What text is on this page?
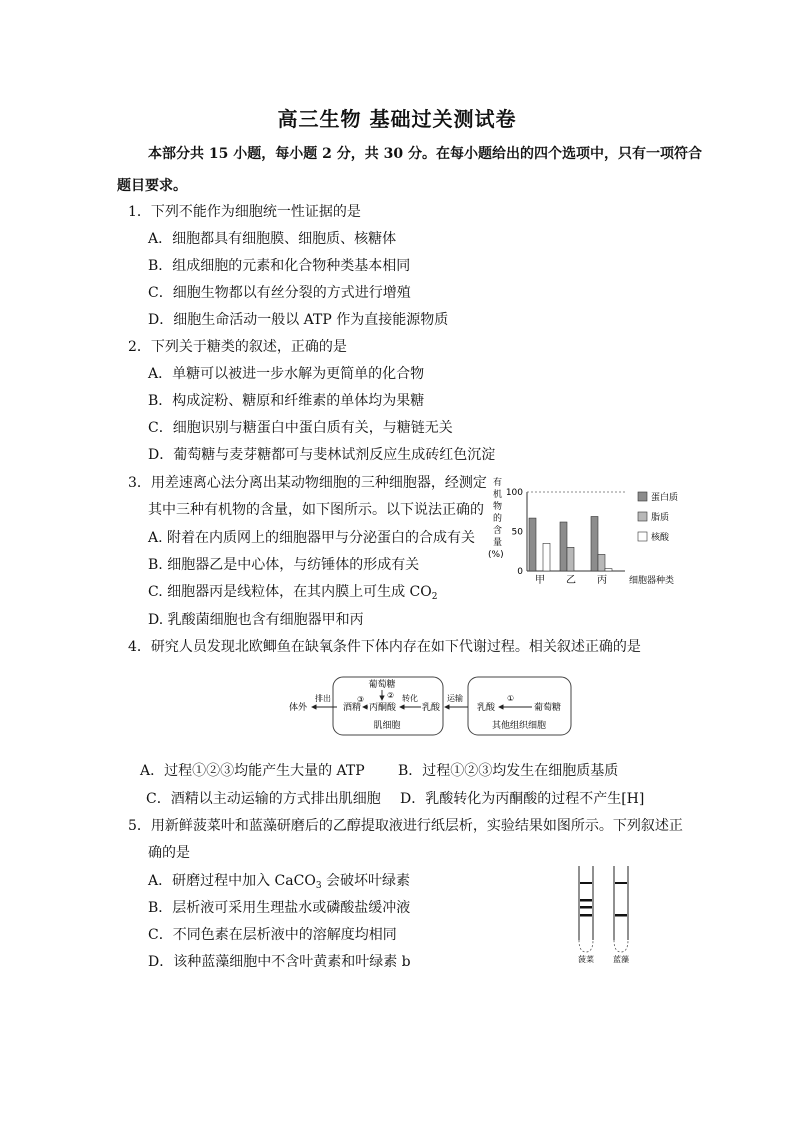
高三生物 基础过关测试卷
本部分共 15 小题，每小题 2 分，共 30 分。在每小题给出的四个选项中，只有一项符合
题目要求。
1．下列不能作为细胞统一性证据的是
A．细胞都具有细胞膜、细胞质、核糖体
B．组成细胞的元素和化合物种类基本相同
C．细胞生物都以有丝分裂的方式进行增殖
D．细胞生命活动一般以 ATP 作为直接能源物质
2．下列关于糖类的叙述，正确的是
A．单糖可以被进一步水解为更简单的化合物
B．构成淀粉、糖原和纤维素的单体均为果糖
C．细胞识别与糖蛋白中蛋白质有关，与糖链无关
D．葡萄糖与麦芽糖都可与斐林试剂反应生成砖红色沉淀
3．用差速离心法分离出某动物细胞的三种细胞器，经测定
其中三种有机物的含量，如下图所示。以下说法正确的
A. 附着在内质网上的细胞器甲与分泌蛋白的合成有关
B. 细胞器乙是中心体，与纺锤体的形成有关
C. 细胞器丙是线粒体，在其内膜上可生成 $CO_2$
D. 乳酸菌细胞也含有细胞器甲和丙
有
机
物
的
含
量
(%)
0
50
100
甲 乙 丙 细胞器种类
蛋白质
脂质
核酸
4．研究人员发现北欧鲫鱼在缺氧条件下体内存在如下代谢过程。相关叙述正确的是
葡萄糖
②
酒精 丙酮酸	乳酸
③	转化
肌细胞
体外
排出	运输
乳酸
①
葡萄糖
其他组织细胞
A．过程①②③均能产生大量的 ATP B．过程①②③均发生在细胞质基质
C．酒精以主动运输的方式排出肌细胞 D．乳酸转化为丙酮酸的过程不产生[H]
5．用新鲜菠菜叶和蓝藻研磨后的乙醇提取液进行纸层析，实验结果如图所示。下列叙述正
确的是
A．研磨过程中加入 CaCO$_3$ 会破坏叶绿素
B．层析液可采用生理盐水或磷酸盐缓冲液
C．不同色素在层析液中的溶解度均相同
D．该种蓝藻细胞中不含叶黄素和叶绿素 b	菠菜 蓝藻
